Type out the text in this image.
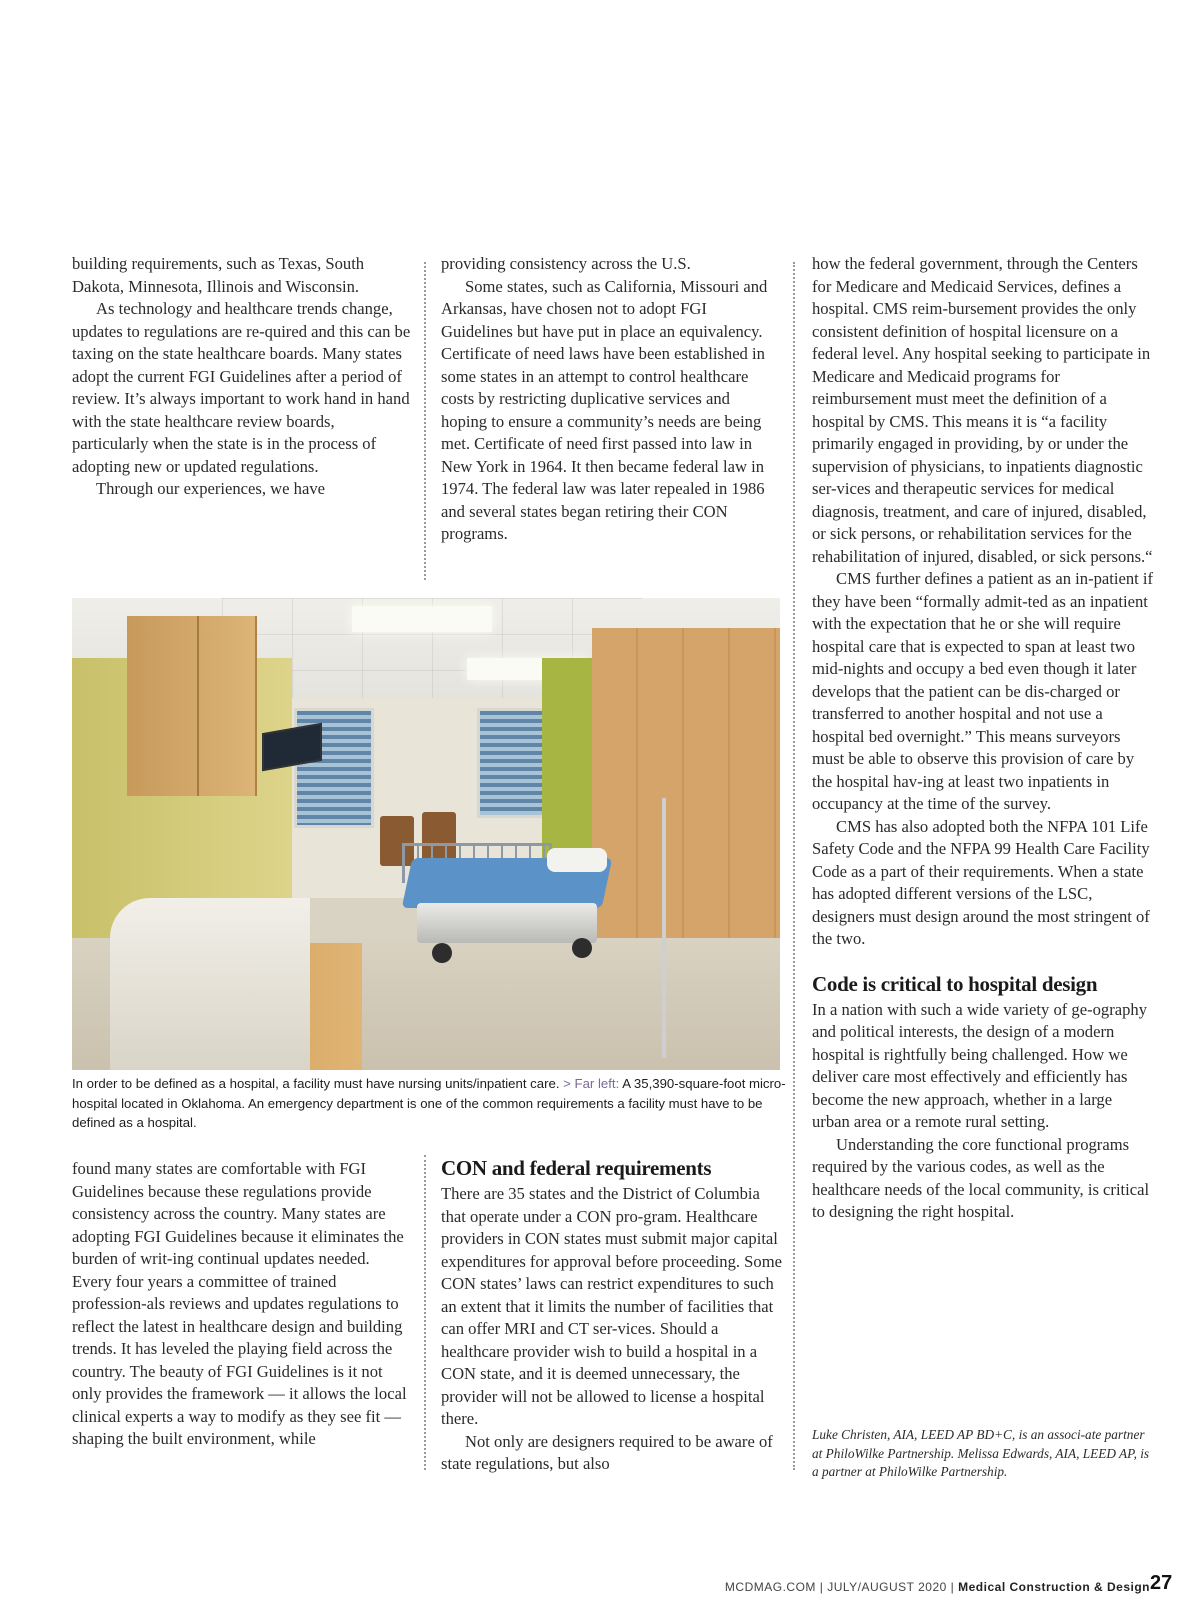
building requirements, such as Texas, South Dakota, Minnesota, Illinois and Wisconsin.

As technology and healthcare trends change, updates to regulations are re-quired and this can be taxing on the state healthcare boards. Many states adopt the current FGI Guidelines after a period of review. It’s always important to work hand in hand with the state healthcare review boards, particularly when the state is in the process of adopting new or updated regulations.

Through our experiences, we have

providing consistency across the U.S.

Some states, such as California, Missouri and Arkansas, have chosen not to adopt FGI Guidelines but have put in place an equivalency. Certificate of need laws have been established in some states in an attempt to control healthcare costs by restricting duplicative services and hoping to ensure a community’s needs are being met. Certificate of need first passed into law in New York in 1964. It then became federal law in 1974. The federal law was later repealed in 1986 and several states began retiring their CON programs.

how the federal government, through the Centers for Medicare and Medicaid Services, defines a hospital. CMS reim-bursement provides the only consistent definition of hospital licensure on a federal level. Any hospital seeking to participate in Medicare and Medicaid programs for reimbursement must meet the definition of a hospital by CMS. This means it is “a facility primarily engaged in providing, by or under the supervision of physicians, to inpatients diagnostic ser-vices and therapeutic services for medical diagnosis, treatment, and care of injured, disabled, or sick persons, or rehabilitation services for the rehabilitation of injured, disabled, or sick persons.“

CMS further defines a patient as an in-patient if they have been “formally admit-ted as an inpatient with the expectation that he or she will require hospital care that is expected to span at least two mid-nights and occupy a bed even though it later develops that the patient can be dis-charged or transferred to another hospital and not use a hospital bed overnight.” This means surveyors must be able to observe this provision of care by the hospital hav-ing at least two inpatients in occupancy at the time of the survey.

CMS has also adopted both the NFPA 101 Life Safety Code and the NFPA 99 Health Care Facility Code as a part of their requirements. When a state has adopted different versions of the LSC, designers must design around the most stringent of the two.

Code is critical to hospital design

In a nation with such a wide variety of ge-ography and political interests, the design of a modern hospital is rightfully being challenged. How we deliver care most effectively and efficiently has become the new approach, whether in a large urban area or a remote rural setting.

Understanding the core functional programs required by the various codes, as well as the healthcare needs of the local community, is critical to designing the right hospital.

In order to be defined as a hospital, a facility must have nursing units/inpatient care. > Far left: A 35,390-square-foot micro-hospital located in Oklahoma. An emergency department is one of the common requirements a facility must have to be defined as a hospital.

found many states are comfortable with FGI Guidelines because these regulations provide consistency across the country. Many states are adopting FGI Guidelines because it eliminates the burden of writ-ing continual updates needed. Every four years a committee of trained profession-als reviews and updates regulations to reflect the latest in healthcare design and building trends. It has leveled the playing field across the country. The beauty of FGI Guidelines is it not only provides the framework — it allows the local clinical experts a way to modify as they see fit — shaping the built environment, while

CON and federal requirements

There are 35 states and the District of Columbia that operate under a CON pro-gram. Healthcare providers in CON states must submit major capital expenditures for approval before proceeding. Some CON states’ laws can restrict expenditures to such an extent that it limits the number of facilities that can offer MRI and CT ser-vices. Should a healthcare provider wish to build a hospital in a CON state, and it is deemed unnecessary, the provider will not be allowed to license a hospital there.

Not only are designers required to be aware of state regulations, but also

Luke Christen, AIA, LEED AP BD+C, is an associ-ate partner at PhiloWilke Partnership. Melissa Edwards, AIA, LEED AP, is a partner at PhiloWilke Partnership.
MCDMAG.COM | JULY/AUGUST 2020 | Medical Construction & Design 27
